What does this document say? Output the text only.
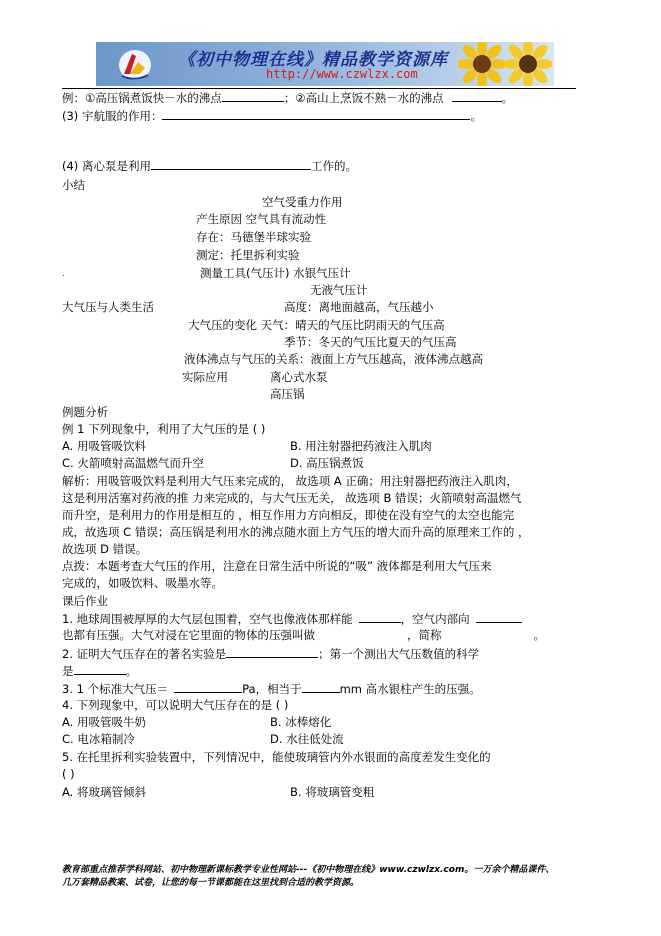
《初中物理在线》精品教学资源库
http://www.czwlzx.com
例：①高压锅煮饭快－水的沸点	；②高山上烹饭不熟－水的沸点	。
(3) 宇航服的作用：	。
(4) 离心泵是利用	工作的。
小结
空气受重力作用
产生原因 空气具有流动性
存在：马德堡半球实验
测定：托里拆利实验
.	测量工具(气压计) 水银气压计
无液气压计
大气压与人类生活	高度：离地面越高，气压越小
大气压的变化 天气：晴天的气压比阴雨天的气压高
季节：冬天的气压比夏天的气压高
液体沸点与气压的关系：液面上方气压越高，液体沸点越高
实际应用	离心式水泵
高压锅
例题分析
例 1 下列现象中，利用了大气压的是 ( )
A. 用吸管吸饮料	B. 用注射器把药液注入肌肉
C. 火箭喷射高温燃气而升空	D. 高压锅煮饭
解析：用吸管吸饮料是利用大气压来完成的， 故选项 A 正确；用注射器把药液注入肌肉，
这是利用活塞对药液的推 力来完成的，与大气压无关， 故选项 B 错误；火箭喷射高温燃气
而升空，是利用力的作用是相互的 ，相互作用力方向相反，即使在没有空气的太空也能完
成，故选项 C 错误；高压锅是利用水的沸点随水面上方气压的增大而升高的原理来工作的 ，
故选项 D 错误。
点拨：本题考查大气压的作用，注意在日常生活中所说的“吸” 液体都是利用大气压来
完成的，如吸饮料、吸墨水等。
课后作业
1. 地球周围被厚厚的大气层包围着，空气也像液体那样能	，空气内部向
也都有压强。大气对浸在它里面的物体的压强叫做	，简称	。
2. 证明大气压存在的著名实验是	；第一个测出大气压数值的科学
是	。
3. 1 个标准大气压＝	Pa，相当于	mm 高水银柱产生的压强。
4. 下列现象中，可以说明大气压存在的是 ( )
A. 用吸管吸牛奶	B. 冰棒熔化
C. 电冰箱制冷	D. 水往低处流
5. 在托里拆利实验装置中，下列情况中，能使玻璃管内外水银面的高度差发生变化的
( )
A. 将玻璃管倾斜	B. 将玻璃管变粗
教育部重点推荐学科网站、初中物理新课标教学专业性网站---《初中物理在线》www.czwlzx.com。一万余个精品课件、
几万套精品教案、试卷，让您的每一节课都能在这里找到合适的教学资源。
